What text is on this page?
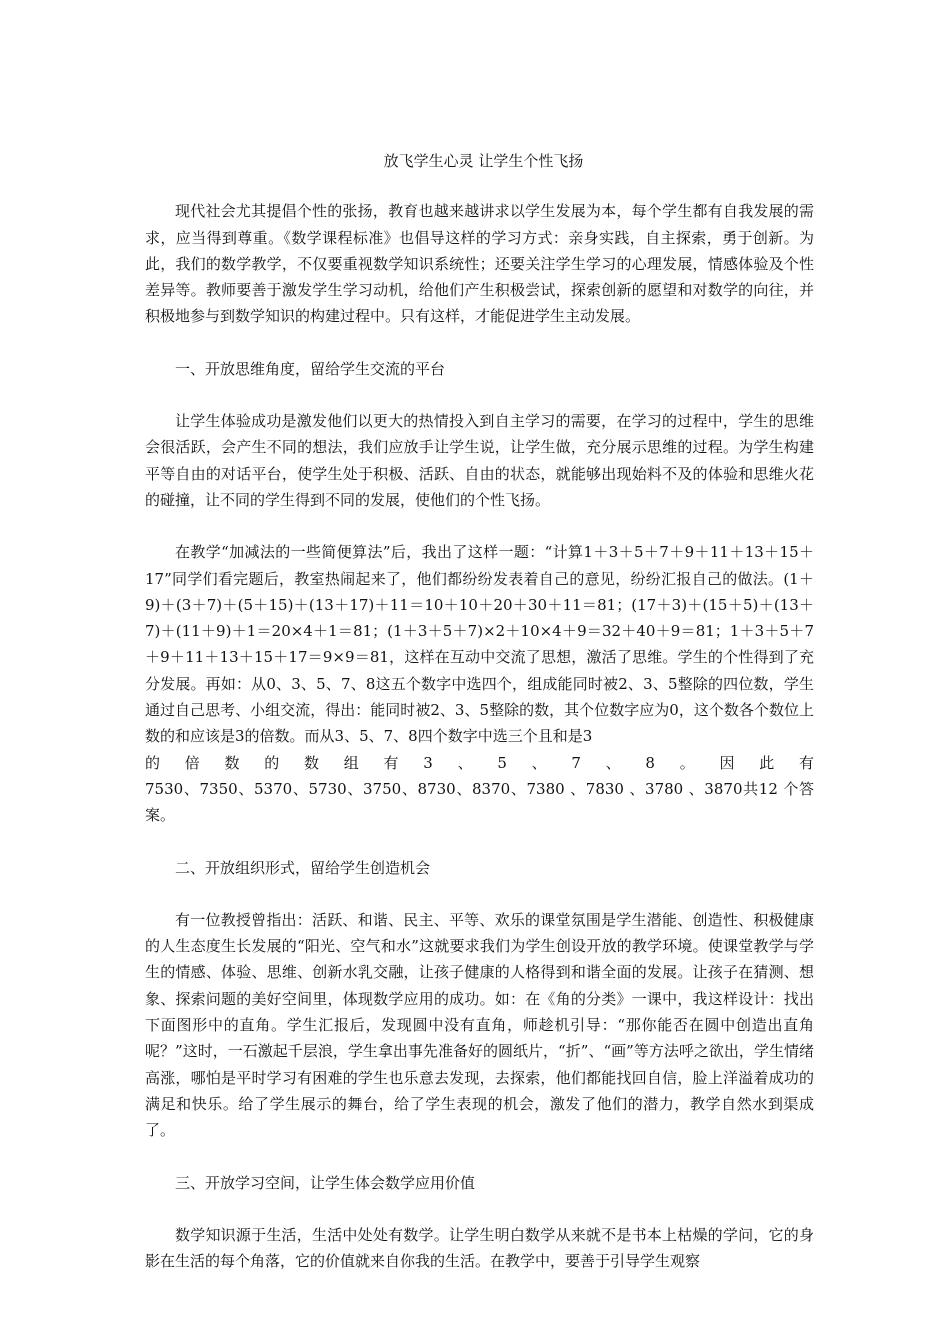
放飞学生心灵 让学生个性飞扬

现代社会尤其提倡个性的张扬，教育也越来越讲求以学生发展为本，每个学生都有自我发展的需求，应当得到尊重。《数学课程标准》也倡导这样的学习方式：亲身实践，自主探索，勇于创新。为此，我们的数学教学，不仅要重视数学知识系统性；还要关注学生学习的心理发展，情感体验及个性差异等。教师要善于激发学生学习动机，给他们产生积极尝试，探索创新的愿望和对数学的向往，并积极地参与到数学知识的构建过程中。只有这样，才能促进学生主动发展。

一、开放思维角度，留给学生交流的平台

让学生体验成功是激发他们以更大的热情投入到自主学习的需要，在学习的过程中，学生的思维会很活跃，会产生不同的想法，我们应放手让学生说，让学生做，充分展示思维的过程。为学生构建平等自由的对话平台，使学生处于积极、活跃、自由的状态，就能够出现始料不及的体验和思维火花的碰撞，让不同的学生得到不同的发展，使他们的个性飞扬。

在教学“加减法的一些简便算法”后，我出了这样一题：“计算1＋3＋5＋7＋9＋11＋13＋15＋17”同学们看完题后，教室热闹起来了，他们都纷纷发表着自己的意见，纷纷汇报自己的做法。(1＋9)＋(3＋7)＋(5＋15)＋(13＋17)＋11＝10＋10＋20＋30＋11＝81；(17＋3)＋(15＋5)＋(13＋7)＋(11＋9)＋1＝20×4＋1＝81；(1＋3＋5＋7)×2＋10×4＋9＝32＋40＋9＝81；1＋3＋5＋7＋9＋11＋13＋15＋17＝9×9＝81，这样在互动中交流了思想，激活了思维。学生的个性得到了充分发展。再如：从0、3、5、7、8这五个数字中选四个，组成能同时被2、3、5整除的四位数，学生通过自己思考、小组交流，得出：能同时被2、3、5整除的数，其个位数字应为0，这个数各个数位上数的和应该是3的倍数。而从3、5、7、8四个数字中选三个且和是3

的倍数的数组有3、5、7、8。因此有

7530、7350、5370、5730、3750、8730、8370、7380 、7830 、3780 、3870共12 个答案。

二、开放组织形式，留给学生创造机会

有一位教授曾指出：活跃、和谐、民主、平等、欢乐的课堂氛围是学生潜能、创造性、积极健康的人生态度生长发展的“阳光、空气和水”这就要求我们为学生创设开放的教学环境。使课堂教学与学生的情感、体验、思维、创新水乳交融，让孩子健康的人格得到和谐全面的发展。让孩子在猜测、想象、探索问题的美好空间里，体现数学应用的成功。如：在《角的分类》一课中，我这样设计：找出下面图形中的直角。学生汇报后，发现圆中没有直角，师趁机引导：“那你能否在圆中创造出直角呢？”这时，一石激起千层浪，学生拿出事先准备好的圆纸片，“折”、“画”等方法呼之欲出，学生情绪高涨，哪怕是平时学习有困难的学生也乐意去发现，去探索，他们都能找回自信，脸上洋溢着成功的满足和快乐。给了学生展示的舞台，给了学生表现的机会，激发了他们的潜力，教学自然水到渠成了。

三、开放学习空间，让学生体会数学应用价值

数学知识源于生活，生活中处处有数学。让学生明白数学从来就不是书本上枯燥的学问，它的身影在生活的每个角落，它的价值就来自你我的生活。在教学中，要善于引导学生观察
